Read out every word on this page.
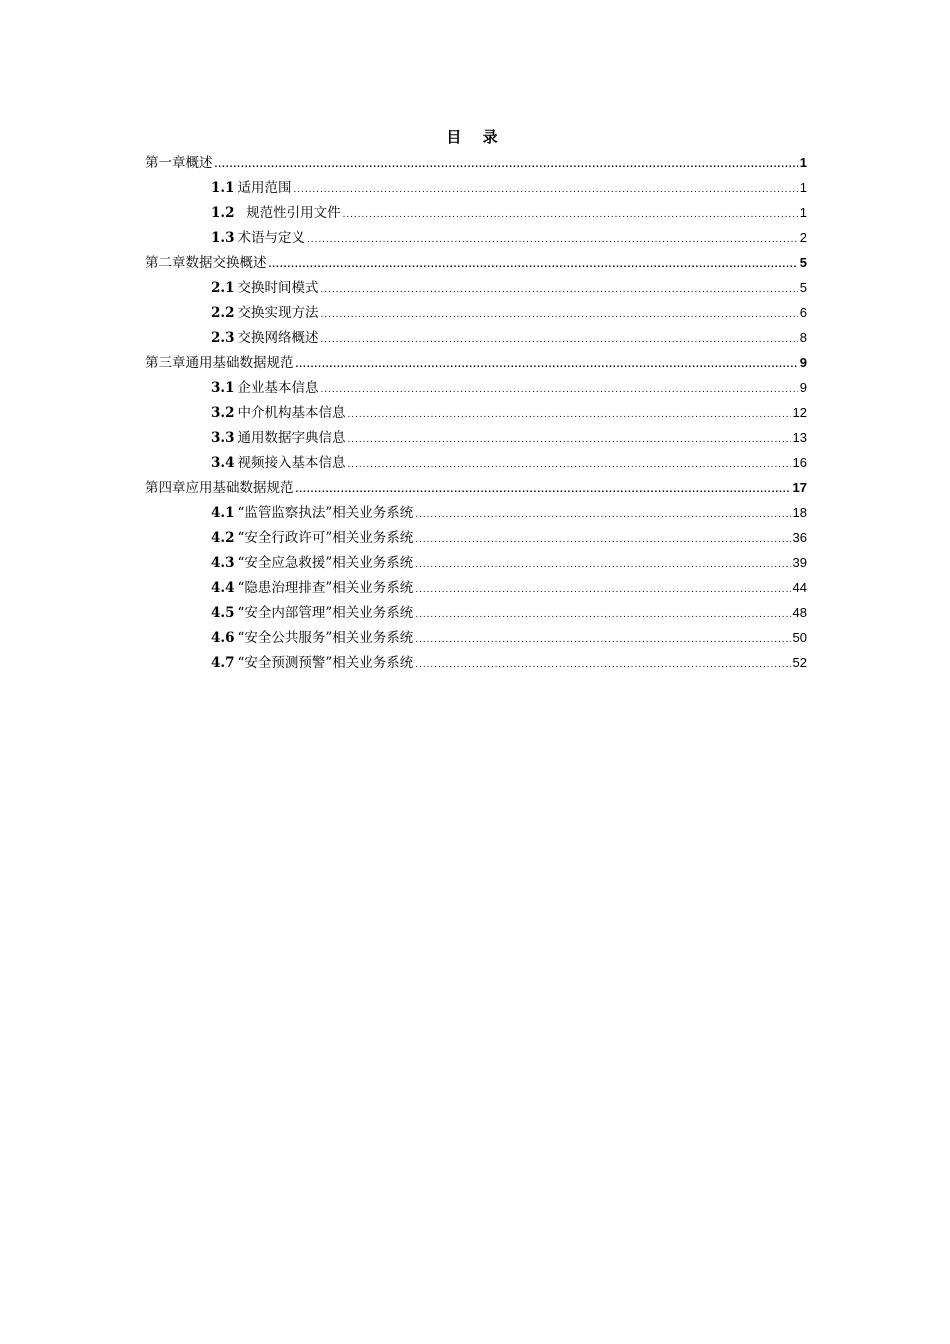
目 录
第一章概述 .....	1
1.1 适用范围 .....	1
1.2 规范性引用文件 .....	1
1.3 术语与定义 .....	2
第二章数据交换概述 .....	5
2.1 交换时间模式 .....	5
2.2 交换实现方法 .....	6
2.3 交换网络概述 .....	8
第三章通用基础数据规范 .....	9
3.1 企业基本信息 .....	9
3.2 中介机构基本信息 .....	12
3.3 通用数据字典信息 .....	13
3.4 视频接入基本信息 .....	16
第四章应用基础数据规范 .....	17
4.1 “监管监察执法”相关业务系统 .....	18
4.2 “安全行政许可”相关业务系统 .....	36
4.3 “安全应急救援”相关业务系统 .....	39
4.4 “隐患治理排查”相关业务系统 .....	44
4.5 “安全内部管理”相关业务系统 .....	48
4.6 “安全公共服务”相关业务系统 .....	50
4.7 “安全预测预警”相关业务系统 .....	52
